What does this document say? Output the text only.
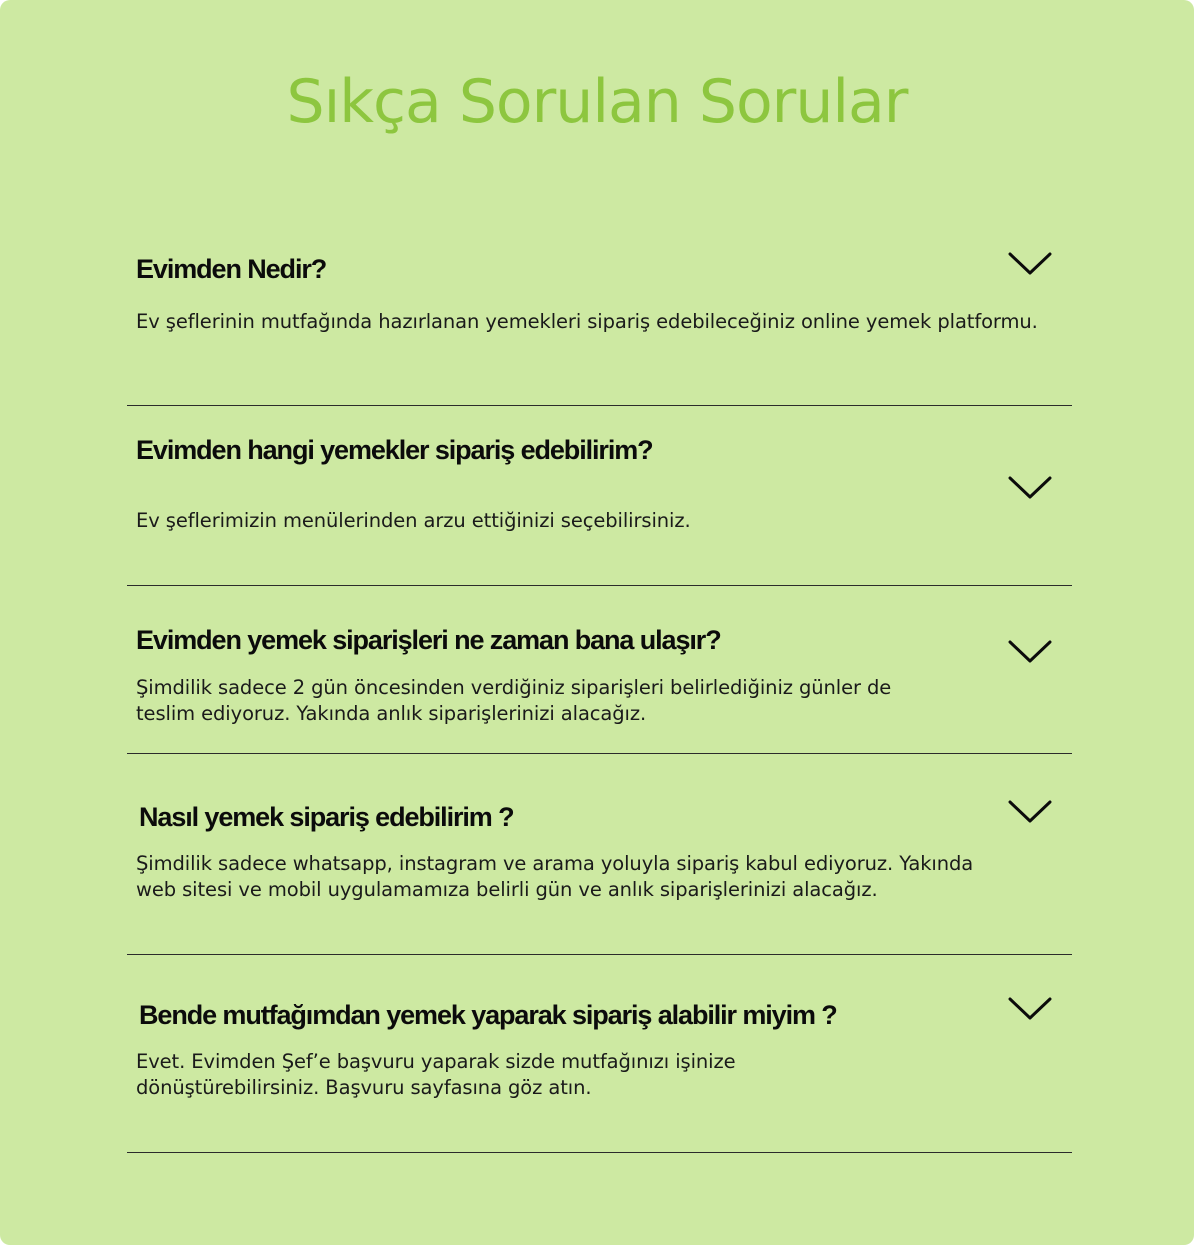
Sıkça Sorulan Sorular
Evimden Nedir?

Ev şeflerinin mutfağında hazırlanan yemekleri sipariş edebileceğiniz online yemek platformu.

Evimden hangi yemekler sipariş edebilirim?

Ev şeflerimizin menülerinden arzu ettiğinizi seçebilirsiniz.

Evimden yemek siparişleri ne zaman bana ulaşır?

Şimdilik sadece 2 gün öncesinden verdiğiniz siparişleri belirlediğiniz günler de teslim ediyoruz. Yakında anlık siparişlerinizi alacağız.

Nasıl yemek sipariş edebilirim ?

Şimdilik sadece whatsapp, instagram ve arama yoluyla sipariş kabul ediyoruz. Yakında web sitesi ve mobil uygulamamıza belirli gün ve anlık siparişlerinizi alacağız.

Bende mutfağımdan yemek yaparak sipariş alabilir miyim ?

Evet. Evimden Şef’e başvuru yaparak sizde mutfağınızı işinize dönüştürebilirsiniz. Başvuru sayfasına göz atın.
